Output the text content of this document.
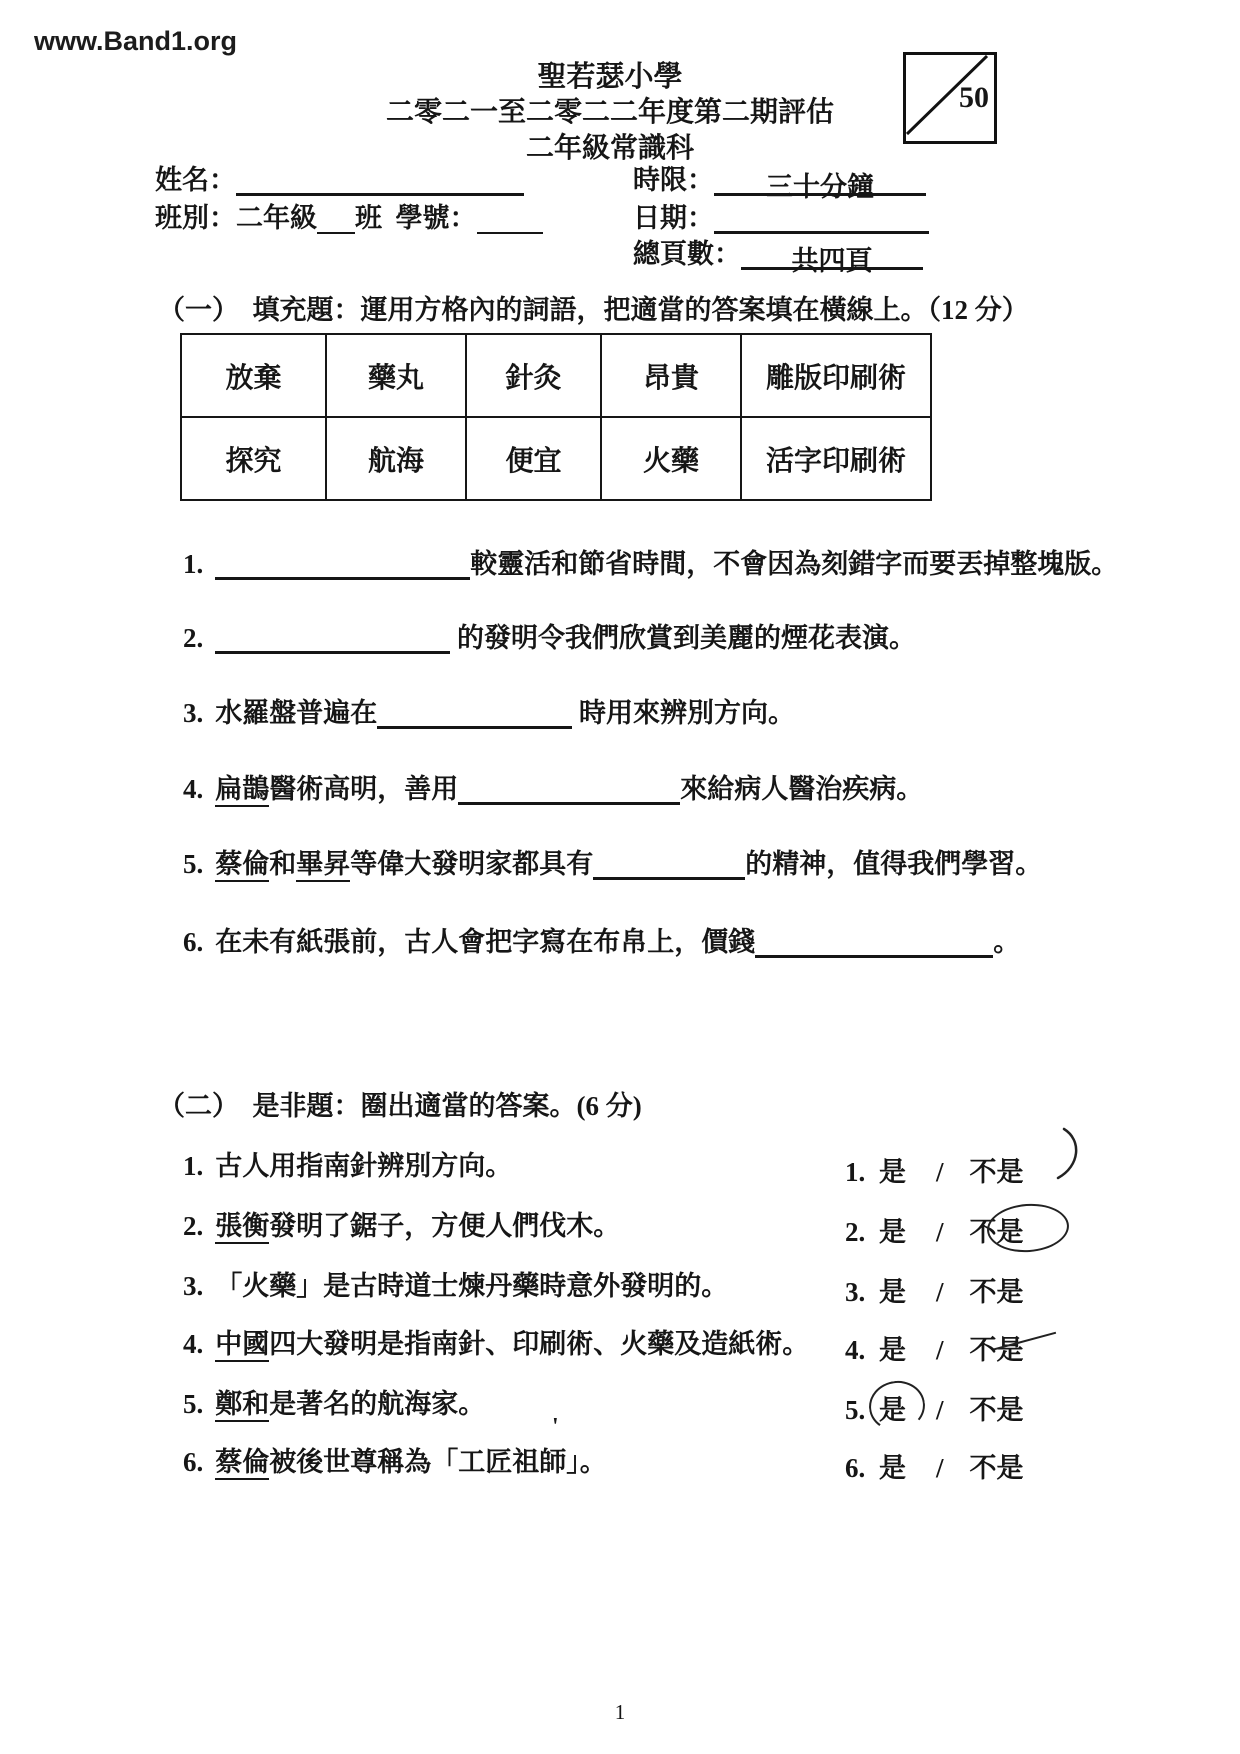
www.Band1.org
聖若瑟小學
二零二一至二零二二年度第二期評估
二年級常識科
50
姓名：
班別：二年級 班  學號：
時限： 三十分鐘
日期：
總頁數： 共四頁
（一）　填充題：運用方格內的詞語，把適當的答案填在橫線上。（12 分）
放棄	藥丸	針灸	昂貴	雕版印刷術
探究	航海	便宜	火藥	活字印刷術
1.	較靈活和節省時間，不會因為刻錯字而要丟掉整塊版。
2.	的發明令我們欣賞到美麗的煙花表演。
3. 水羅盤普遍在	時用來辨別方向。
4. 扁鵲醫術高明，善用	來給病人醫治疾病。
5. 蔡倫和畢昇等偉大發明家都具有	的精神，值得我們學習。
6. 在未有紙張前，古人會把字寫在布帛上，價錢	。
（二）　是非題：圈出適當的答案。(6 分)
1. 古人用指南針辨別方向。
2. 張衡發明了鋸子，方便人們伐木。
3. 「火藥」是古時道士煉丹藥時意外發明的。
4. 中國四大發明是指南針、印刷術、火藥及造紙術。
5. 鄭和是著名的航海家。
6. 蔡倫被後世尊稱為「工匠祖師」。
1. 是 / 不是
2. 是 / 不是
3. 是 / 不是
4. 是 / 不是
5. 是 / 不是
6. 是 / 不是
'
1
